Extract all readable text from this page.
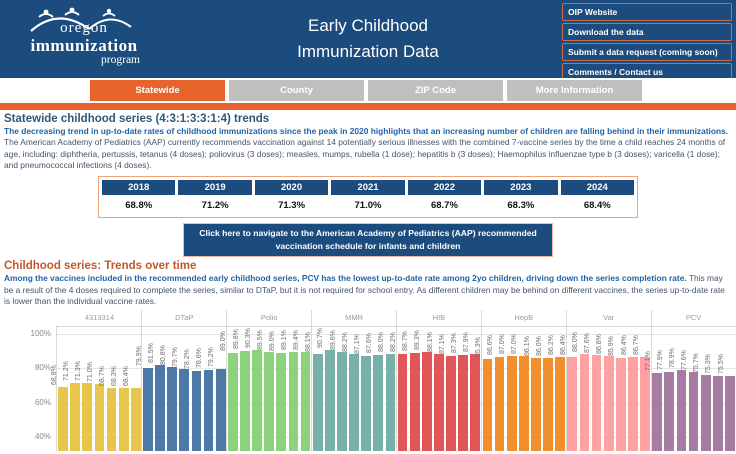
oregon
immunization
program
Early Childhood
Immunization Data
OIP Website
Download the data
Submit a data request (coming soon)
Comments / Contact us
Statewide	County	ZIP Code	More Information
Statewide childhood series (4:3:1:3:3:1:4) trends
The decreasing trend in up-to-date rates of childhood immunizations since the peak in 2020 highlights that an increasing number of children are falling behind in their immunizations. The American Academy of Pediatrics (AAP) currently recommends vaccination against 14 potentially serious illnesses with the combined 7-vaccine series by the time a child reaches 24 months of age, including: diphtheria, pertussis, tetanus (4 doses); poliovirus (3 doses); measles, mumps, rubella (1 dose); hepatitis b (3 doses); Haemophilus influenzae type b (3 doses); varicella (1 dose); and pneumococcal infections (4 doses).
2018	2019	2020	2021	2022	2023	2024
68.8%	71.2%	71.3%	71.0%	68.7%	68.3%	68.4%
Click here to navigate to the American Academy of Pediatrics (AAP) recommended vaccination schedule for infants and children
Childhood series: Trends over time
Among the vaccines included in the recommended early childhood series, PCV has the lowest up-to-date rate among 2yo children, driving down the series completion rate. This may be a result of the 4 doses required to complete the series, similar to DTaP, but it is not required for school entry. As different children may be behind on different vaccines, the series up-to-date rate is lower than the individual vaccine rates.
100%
80%
60%
40%
4313314
68.8% 71.2% 71.3% 71.0% 68.7% 68.3% 68.4%
DTaP
79.9% 81.5% 80.8% 79.7% 78.2% 78.6% 79.2%
Polio
89.0% 89.8% 90.3% 89.5% 89.0% 89.1% 89.4%
MMR
88.1% 90.7% 89.6% 88.2% 87.1% 87.6% 88.0%
HIB
88.2% 88.7% 89.3% 88.1% 87.1% 87.3% 87.9%
HepB
85.3% 86.6% 87.0% 87.0% 86.1% 86.0% 86.2%
Var
86.4% 88.0% 87.6% 86.8% 85.9% 86.4% 86.7%
PCV
77.1% 77.9% 78.9% 77.6% 75.7% 75.3% 75.5%
